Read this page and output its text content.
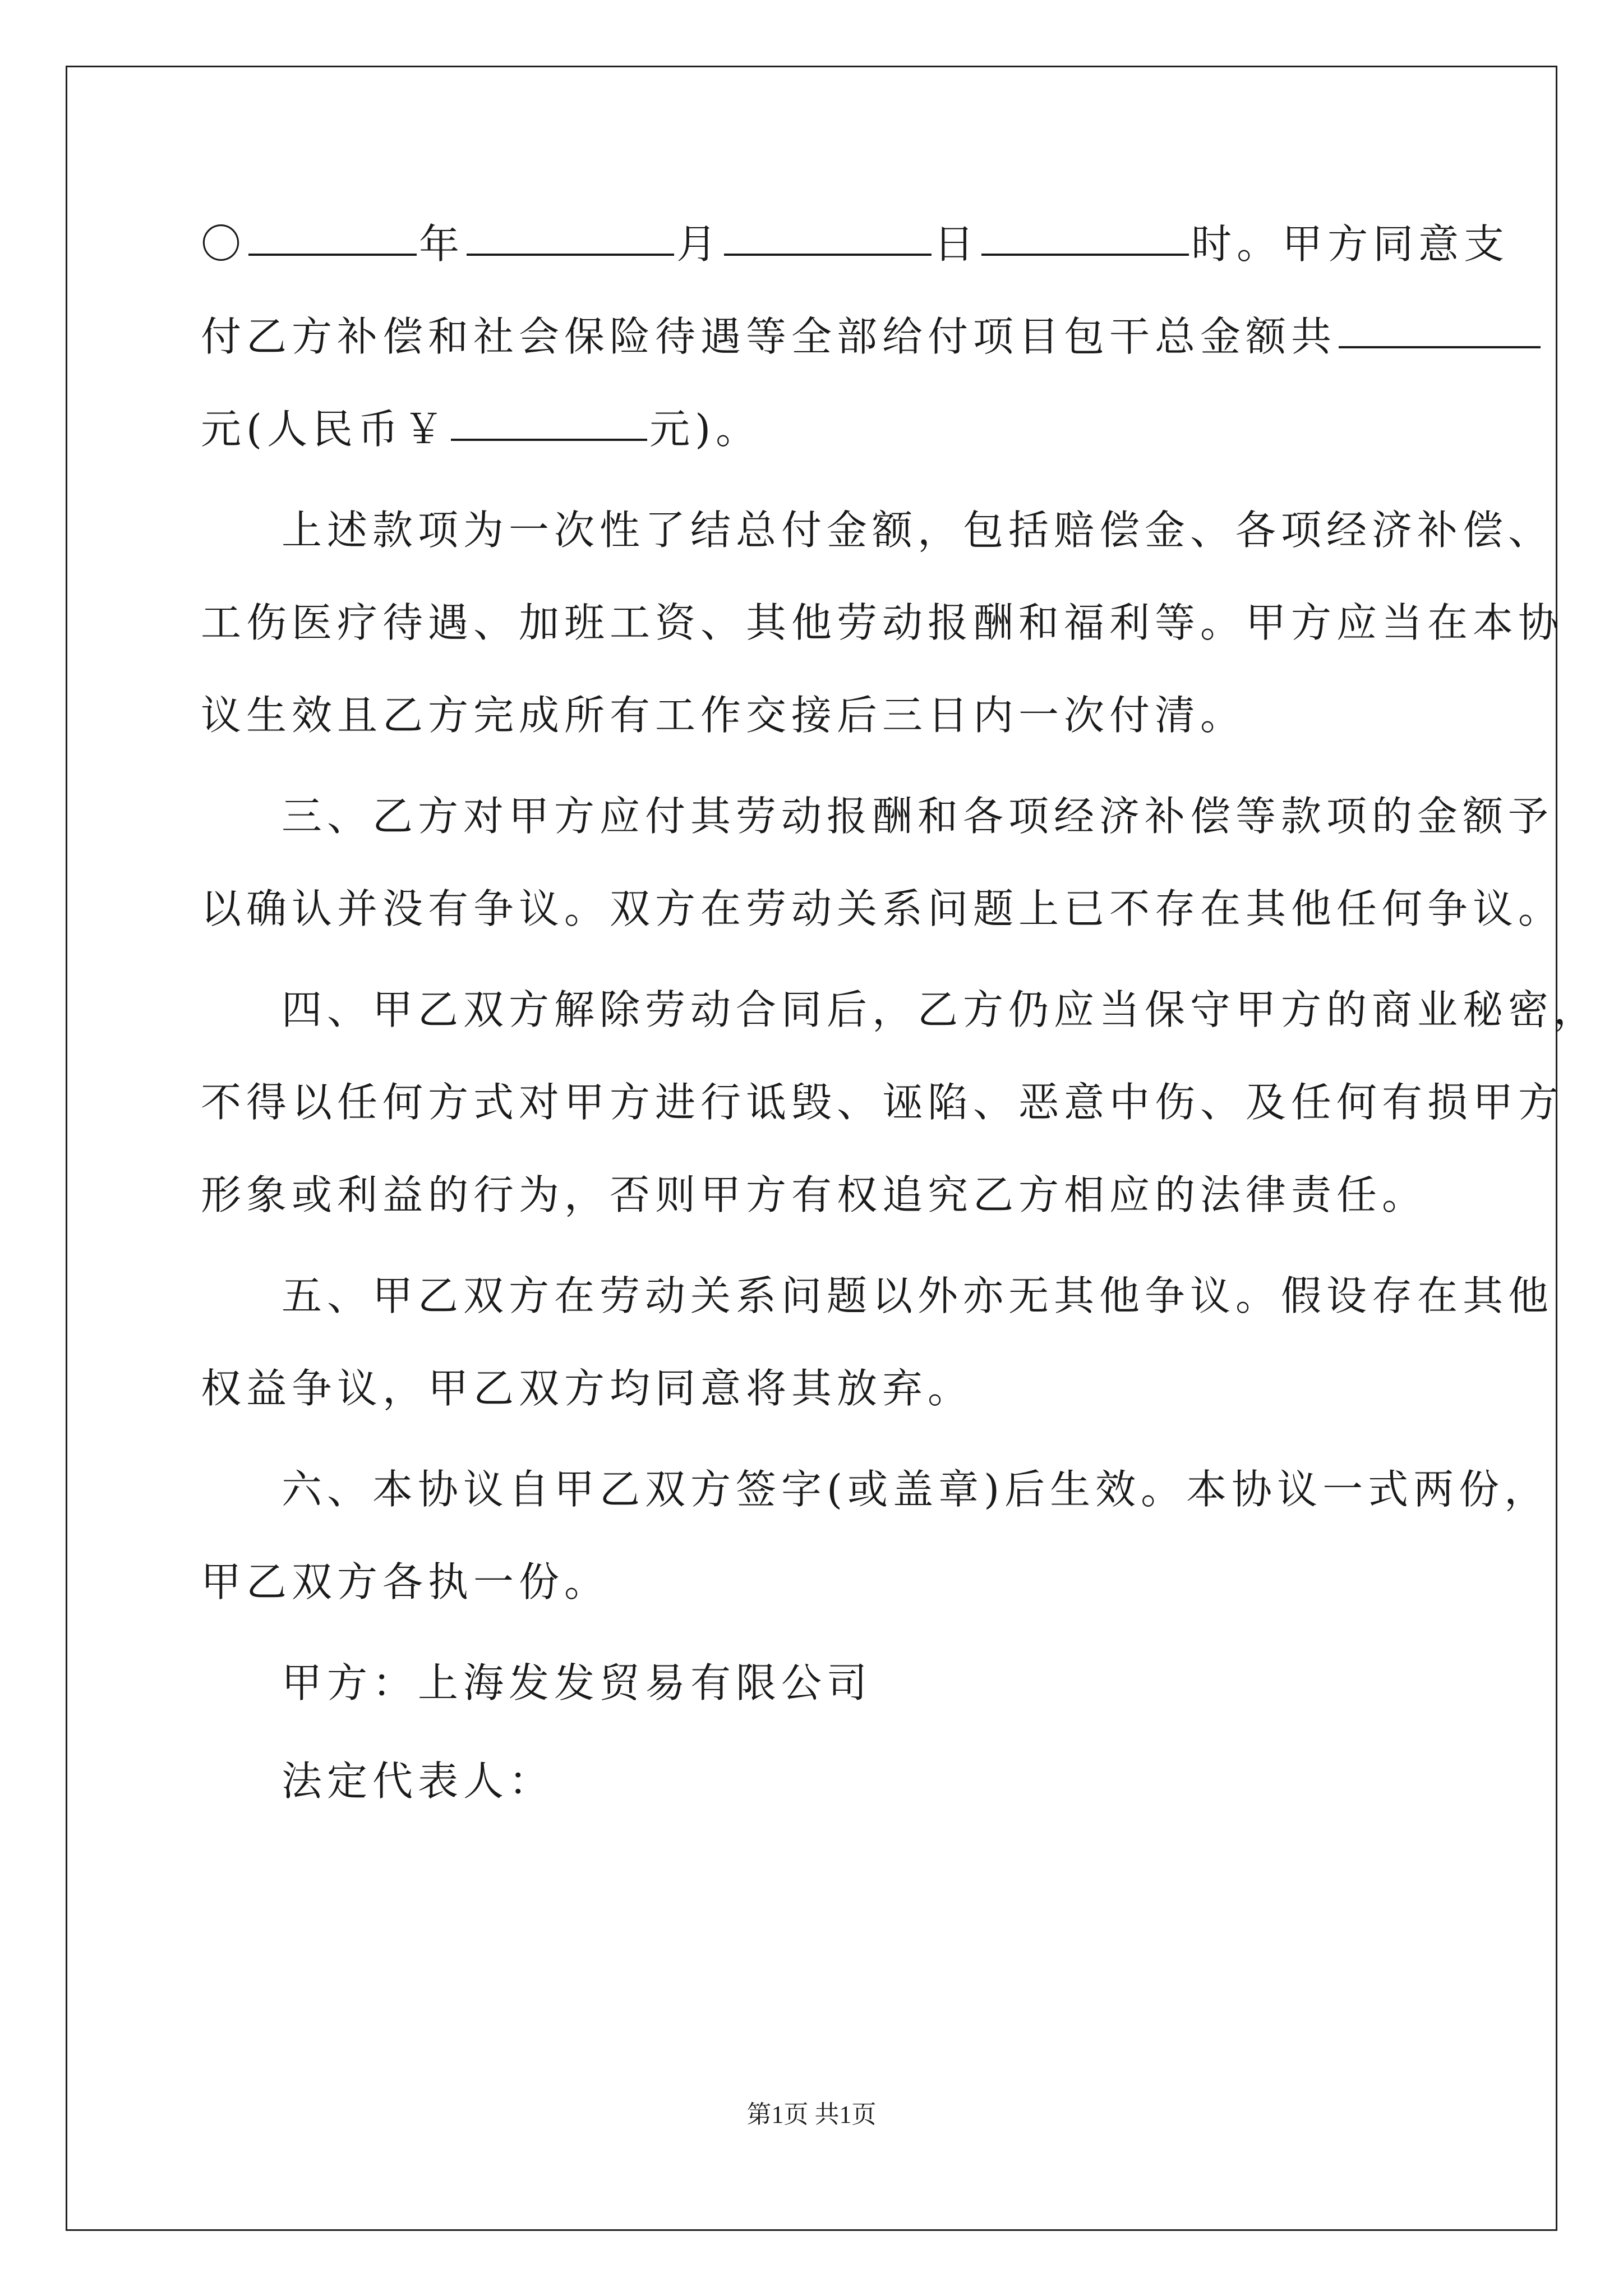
〇	年	月	日	时。甲方同意支
付乙方补偿和社会保险待遇等全部给付项目包干总金额共
元(人民币￥	元)。
上述款项为一次性了结总付金额，包括赔偿金、各项经济补偿、
工伤医疗待遇、加班工资、其他劳动报酬和福利等。甲方应当在本协
议生效且乙方完成所有工作交接后三日内一次付清。
三、乙方对甲方应付其劳动报酬和各项经济补偿等款项的金额予
以确认并没有争议。双方在劳动关系问题上已不存在其他任何争议。
四、甲乙双方解除劳动合同后，乙方仍应当保守甲方的商业秘密，
不得以任何方式对甲方进行诋毁、诬陷、恶意中伤、及任何有损甲方
形象或利益的行为，否则甲方有权追究乙方相应的法律责任。
五、甲乙双方在劳动关系问题以外亦无其他争议。假设存在其他
权益争议，甲乙双方均同意将其放弃。
六、本协议自甲乙双方签字(或盖章)后生效。本协议一式两份，
甲乙双方各执一份。
甲方：上海发发贸易有限公司
法定代表人：
第1页 共1页
